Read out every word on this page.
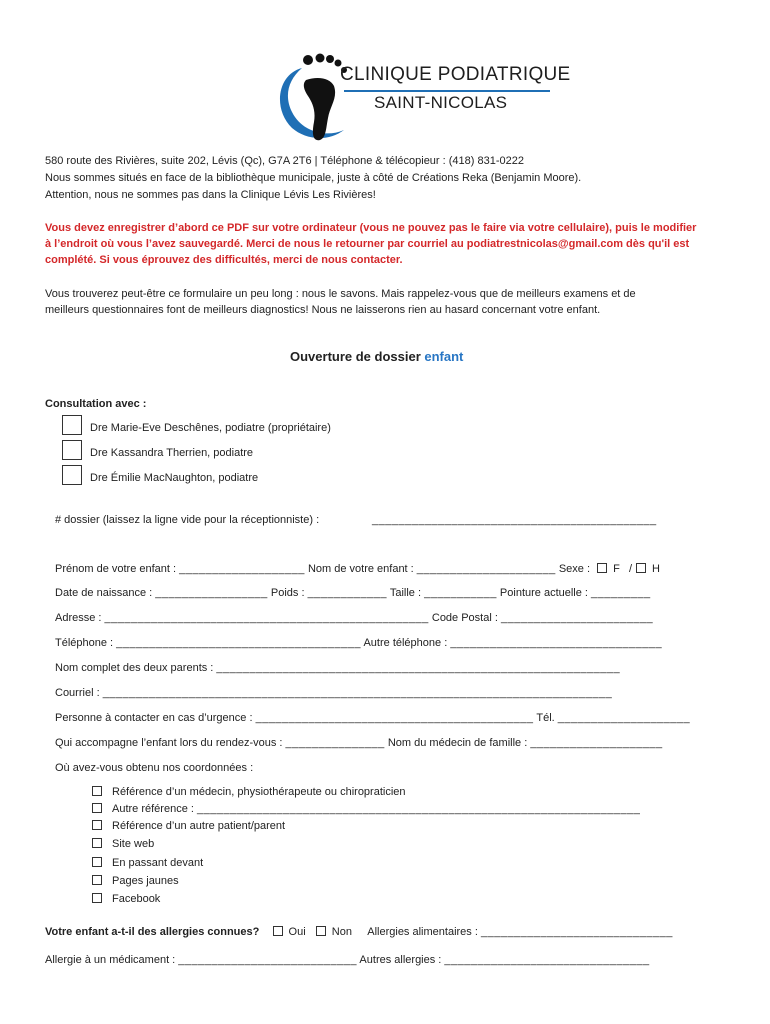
CLINIQUE PODIATRIQUE
SAINT-NICOLAS
580 route des Rivières, suite 202, Lévis (Qc), G7A 2T6 | Téléphone & télécopieur : (418) 831-0222
Nous sommes situés en face de la bibliothèque municipale, juste à côté de Créations Reka (Benjamin Moore).
Attention, nous ne sommes pas dans la Clinique Lévis Les Rivières!
Vous devez enregistrer d’abord ce PDF sur votre ordinateur (vous ne pouvez pas le faire via votre cellulaire), puis le modifier
à l’endroit où vous l’avez sauvegardé. Merci de nous le retourner par courriel au podiatrestnicolas@gmail.com dès qu'il est
complété. Si vous éprouvez des difficultés, merci de nous contacter.
Vous trouverez peut-être ce formulaire un peu long : nous le savons. Mais rappelez-vous que de meilleurs examens et de
meilleurs questionnaires font de meilleurs diagnostics! Nous ne laisserons rien au hasard concernant votre enfant.
Ouverture de dossier enfant
Consultation avec :
Dre Marie-Eve Deschênes, podiatre (propriétaire)
Dre Kassandra Therrien, podiatre
Dre Émilie MacNaughton, podiatre
# dossier (laissez la ligne vide pour la réceptionniste) :	___________________________________________
Prénom de votre enfant : ___________________ Nom de votre enfant : _____________________ Sexe : F / H
Date de naissance : _________________ Poids : ____________ Taille : ___________ Pointure actuelle : _________
Adresse : _________________________________________________ Code Postal : _______________________
Téléphone : _____________________________________ Autre téléphone : ________________________________
Nom complet des deux parents : _____________________________________________________________
Courriel : _____________________________________________________________________________
Personne à contacter en cas d’urgence : __________________________________________ Tél. ____________________
Qui accompagne l’enfant lors du rendez-vous : _______________ Nom du médecin de famille : ____________________
Où avez-vous obtenu nos coordonnées :
Référence d’un médecin, physiothérapeute ou chiropraticien
Autre référence : ___________________________________________________________________
Référence d’un autre patient/parent
Site web
En passant devant
Pages jaunes
Facebook
Votre enfant a-t-il des allergies connues?	Oui Non Allergies alimentaires : _____________________________
Allergie à un médicament : ___________________________ Autres allergies : _______________________________
